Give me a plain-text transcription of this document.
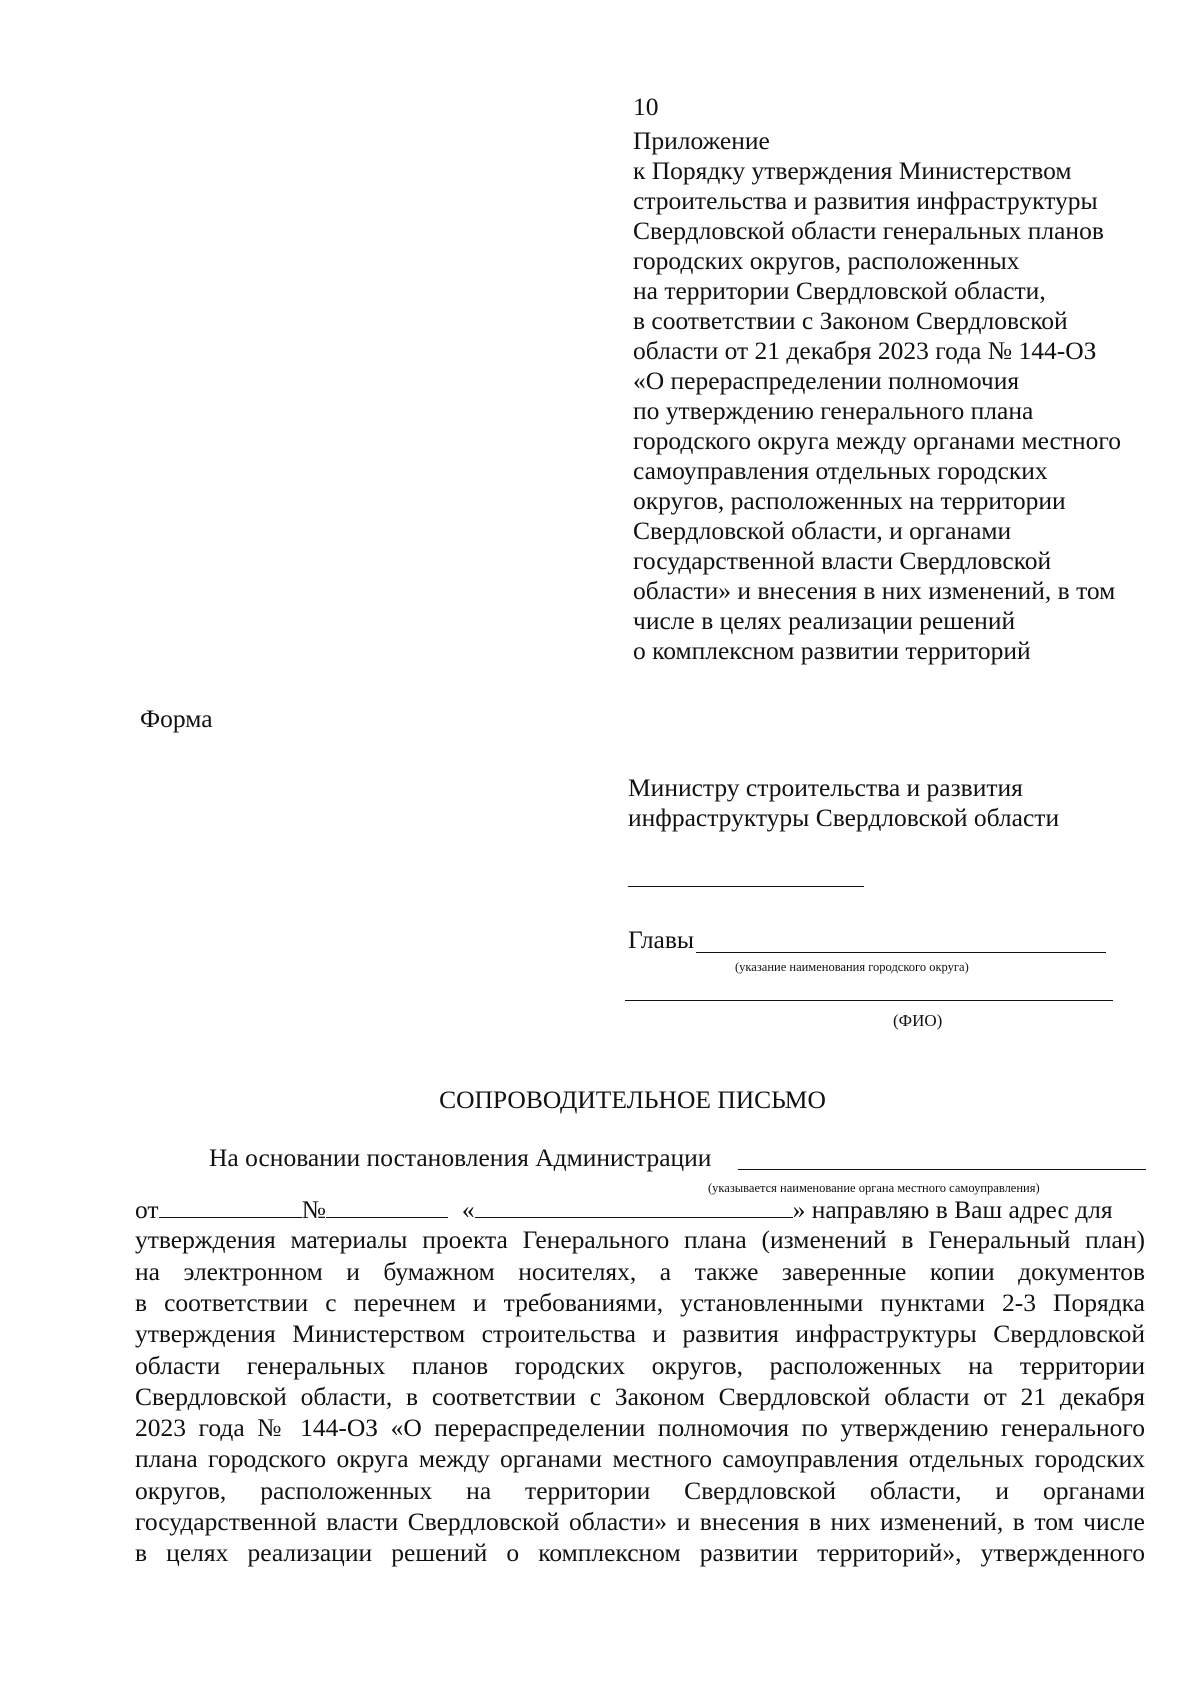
10
Приложение
к Порядку утверждения Министерством
строительства и развития инфраструктуры
Свердловской области генеральных планов
городских округов, расположенных
на территории Свердловской области,
в соответствии с Законом Свердловской
области от 21 декабря 2023 года № 144-ОЗ
«О перераспределении полномочия
по утверждению генерального плана
городского округа между органами местного
самоуправления отдельных городских
округов, расположенных на территории
Свердловской области, и органами
государственной власти Свердловской
области» и внесения в них изменений, в том
числе в целях реализации решений
о комплексном развитии территорий
Форма
Министру строительства и развития
инфраструктуры Свердловской области
Главы
(указание наименования городского округа)
(ФИО)
СОПРОВОДИТЕЛЬНОЕ ПИСЬМО
На основании постановления Администрации
(указывается наименование органа местного самоуправления)
от	№	«	» направляю в Ваш адрес для
утверждения материалы проекта Генерального плана (изменений в Генеральный план)
на электронном и бумажном носителях, а также заверенные копии документов
в соответствии с перечнем и требованиями, установленными пунктами 2-3 Порядка
утверждения Министерством строительства и развития инфраструктуры Свердловской
области генеральных планов городских округов, расположенных на территории
Свердловской области, в соответствии с Законом Свердловской области от 21 декабря
2023 года № 144-ОЗ «О перераспределении полномочия по утверждению генерального
плана городского округа между органами местного самоуправления отдельных городских
округов, расположенных на территории Свердловской области, и органами
государственной власти Свердловской области» и внесения в них изменений, в том числе
в целях реализации решений о комплексном развитии территорий», утвержденного
